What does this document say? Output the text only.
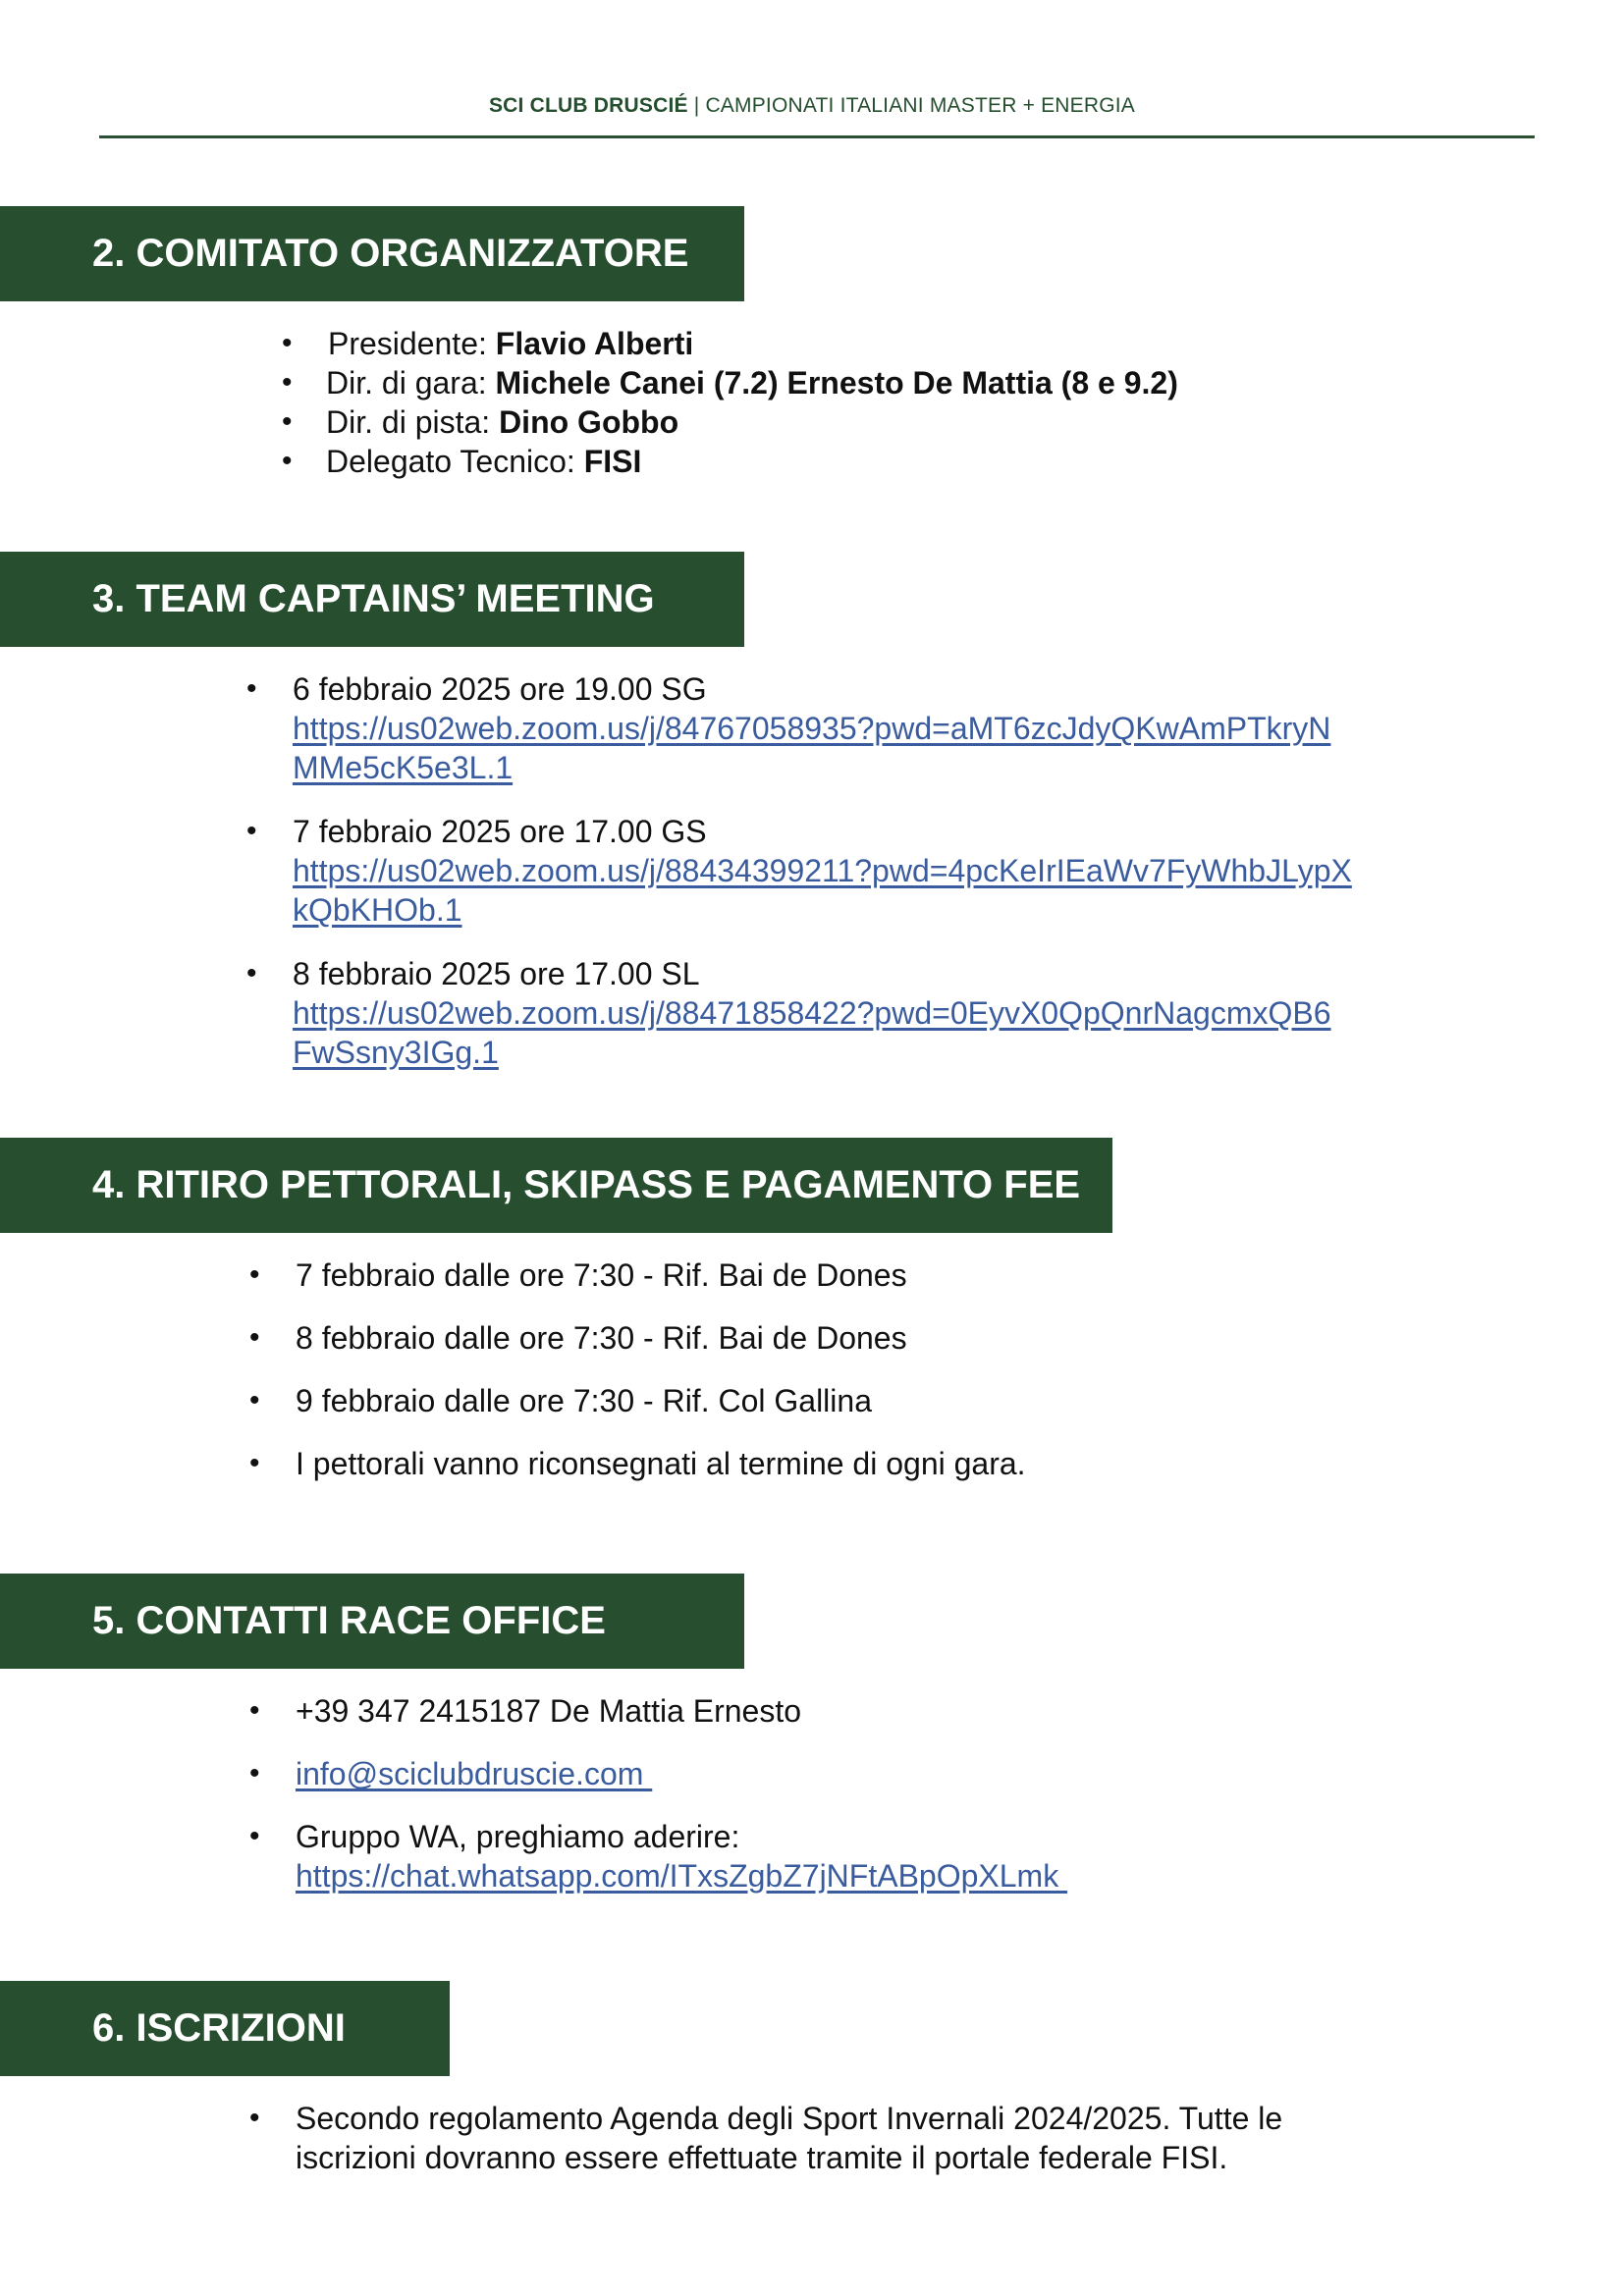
SCI CLUB DRUSCIÉ | CAMPIONATI ITALIANI MASTER + ENERGIA
2. COMITATO ORGANIZZATORE
• Presidente: Flavio Alberti
• Dir. di gara: Michele Canei (7.2) Ernesto De Mattia (8 e 9.2)
• Dir. di pista: Dino Gobbo
• Delegato Tecnico: FISI
3. TEAM CAPTAINS’ MEETING
• 6 febbraio 2025 ore 19.00 SG
https://us02web.zoom.us/j/84767058935?pwd=aMT6zcJdyQKwAmPTkryN
MMe5cK5e3L.1
• 7 febbraio 2025 ore 17.00 GS
https://us02web.zoom.us/j/88434399211?pwd=4pcKeIrIEaWv7FyWhbJLypX
kQbKHOb.1
• 8 febbraio 2025 ore 17.00 SL
https://us02web.zoom.us/j/88471858422?pwd=0EyvX0QpQnrNagcmxQB6
FwSsny3IGg.1
4. RITIRO PETTORALI, SKIPASS E PAGAMENTO FEE
• 7 febbraio dalle ore 7:30 - Rif. Bai de Dones
• 8 febbraio dalle ore 7:30 - Rif. Bai de Dones
• 9 febbraio dalle ore 7:30 - Rif. Col Gallina
• I pettorali vanno riconsegnati al termine di ogni gara.
5. CONTATTI RACE OFFICE
• +39 347 2415187 De Mattia Ernesto
• info@sciclubdruscie.com
• Gruppo WA, preghiamo aderire:
https://chat.whatsapp.com/ITxsZgbZ7jNFtABpOpXLmk
6. ISCRIZIONI
• Secondo regolamento Agenda degli Sport Invernali 2024/2025. Tutte le
iscrizioni dovranno essere effettuate tramite il portale federale FISI.
